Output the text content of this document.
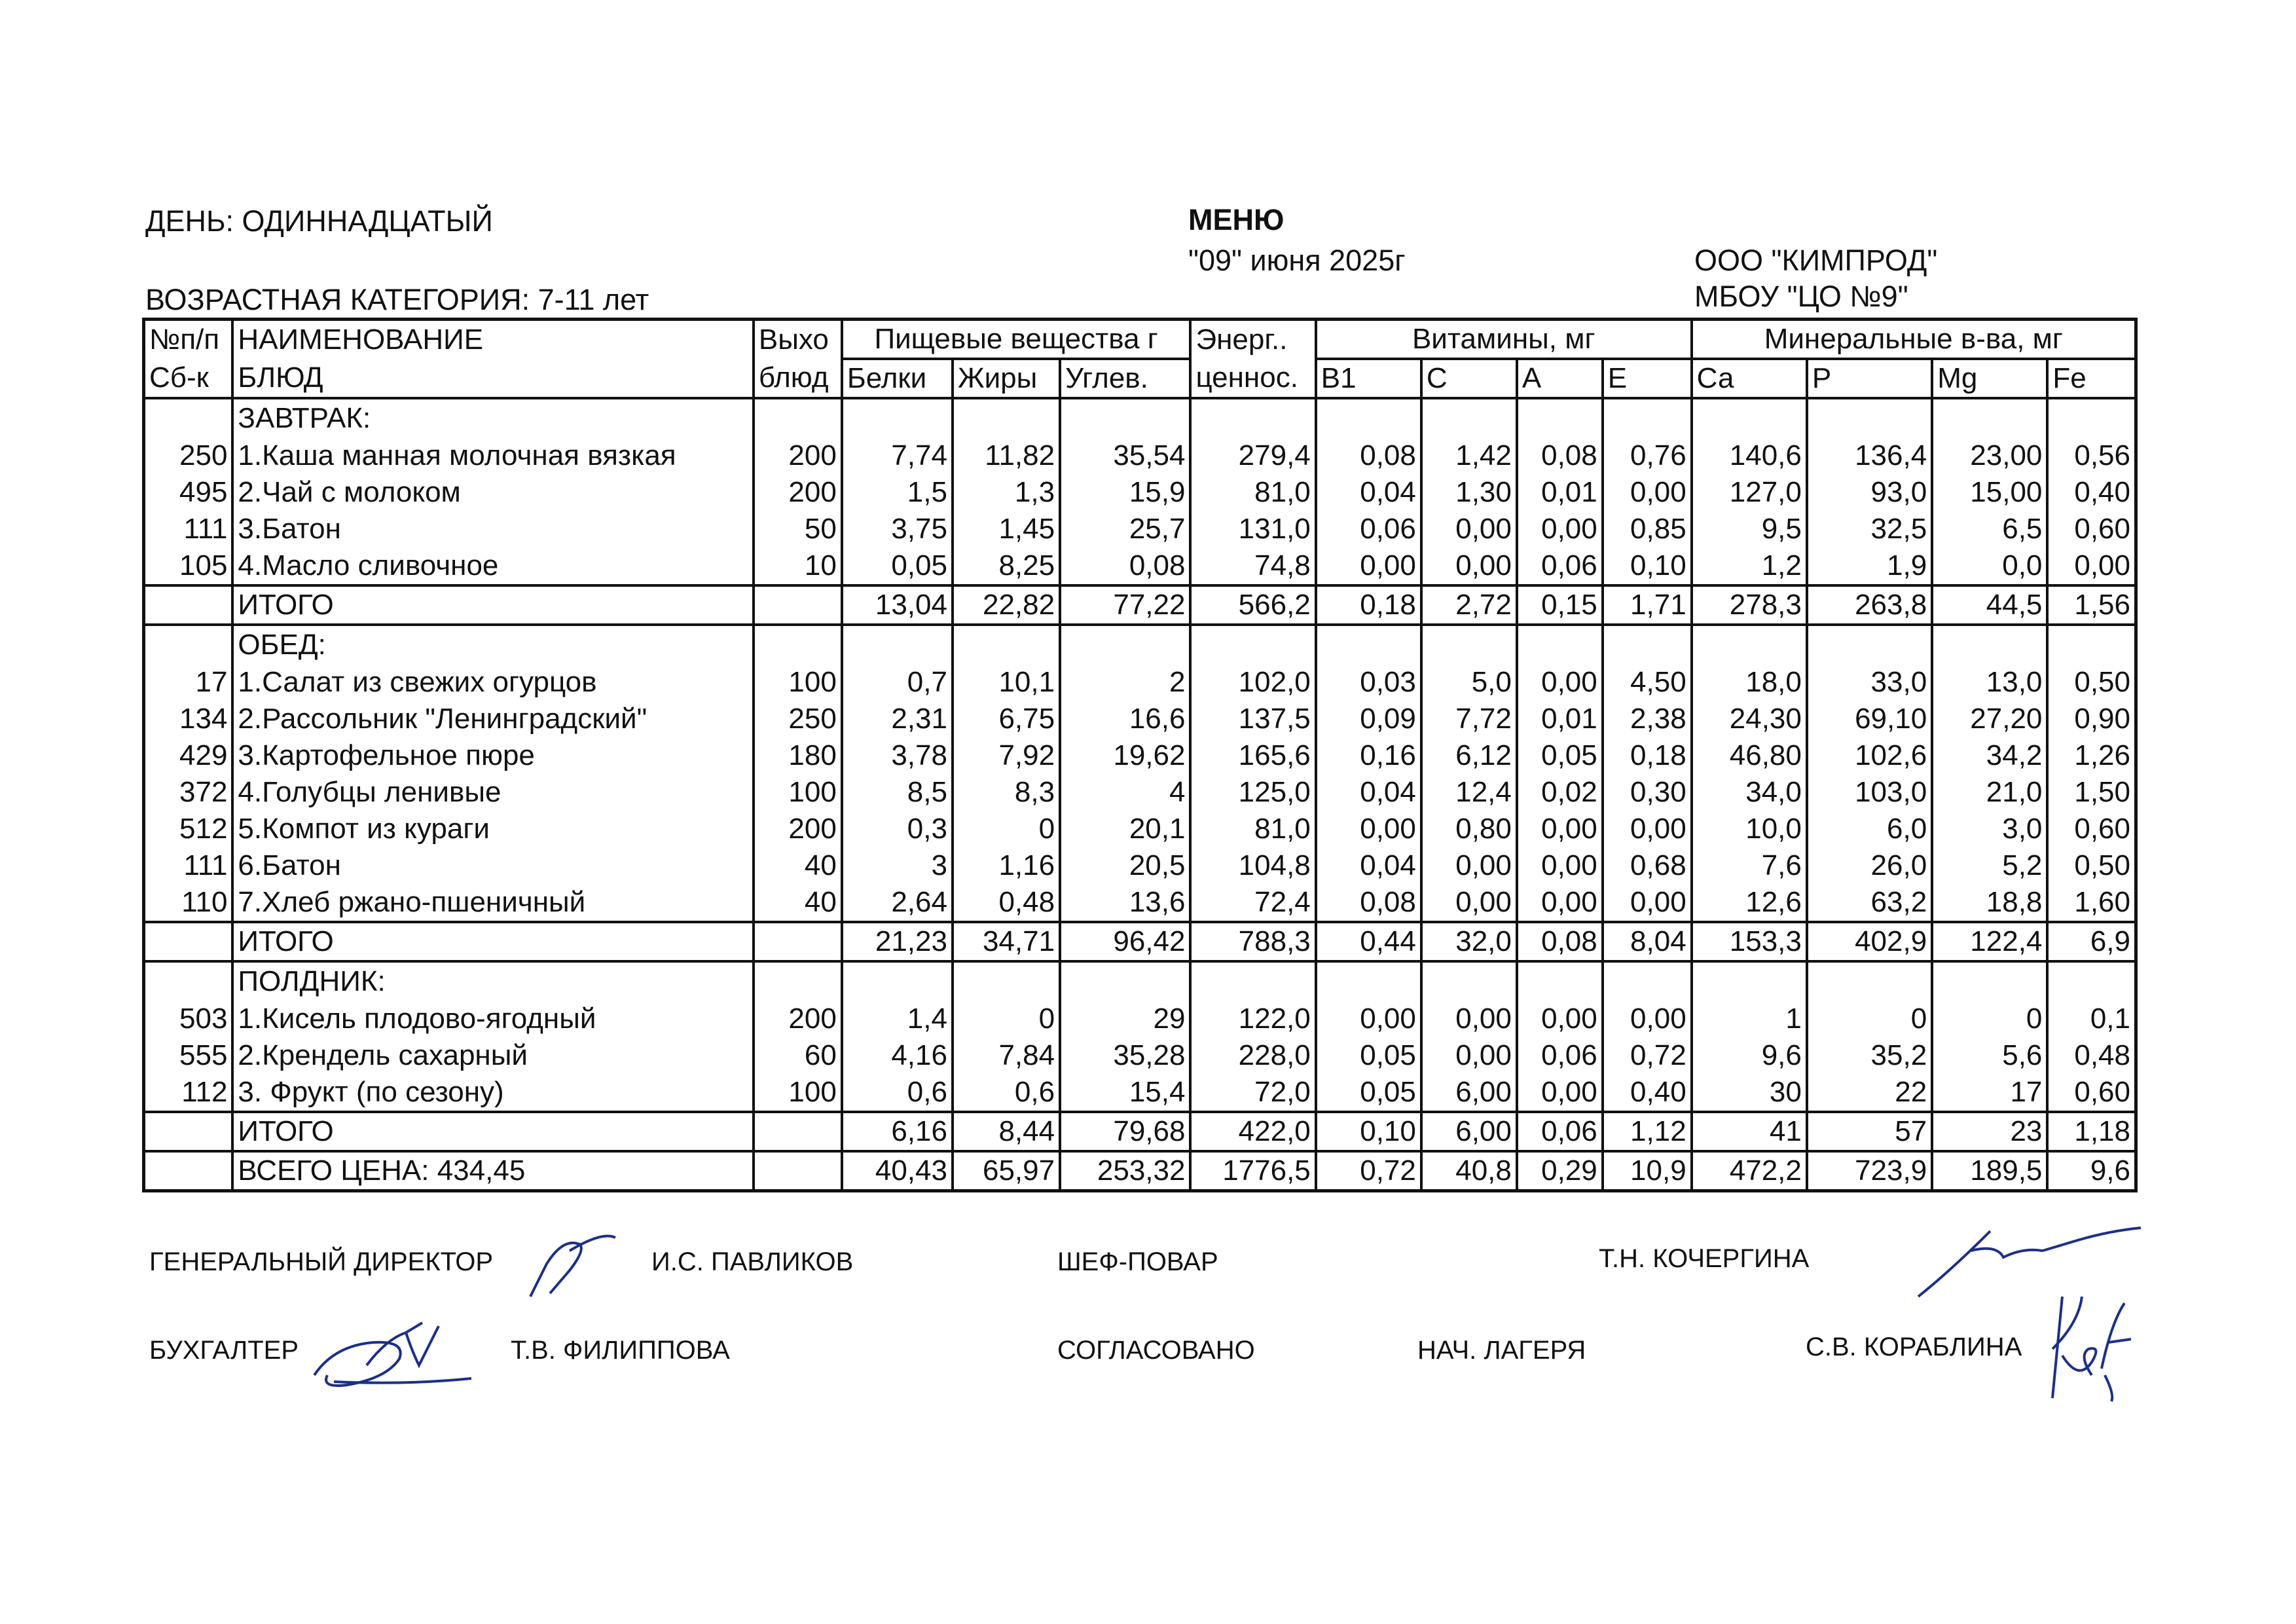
ДЕНЬ: ОДИННАДЦАТЫЙ
ВОЗРАСТНАЯ КАТЕГОРИЯ: 7-11 лет
МЕНЮ
"09" июня 2025г	ООО "КИМПРОД"
МБОУ "ЦО №9"
№п/п	НАИМЕНОВАНИЕ	Выхо	Пищевые вещества г			Энерг..	Витамины, мг				Минеральные в-ва, мг			
Сб-к	БЛЮД	блюд	Белки	Жиры	Углев.	ценнос.	В1	С	А	Е	Са	Р	Mg	Fe
	ЗАВТРАК:													
250	1.Каша манная молочная вязкая	200	7,74	11,82	35,54	279,4	0,08	1,42	0,08	0,76	140,6	136,4	23,00	0,56
495	2.Чай с молоком	200	1,5	1,3	15,9	81,0	0,04	1,30	0,01	0,00	127,0	93,0	15,00	0,40
111	3.Батон	50	3,75	1,45	25,7	131,0	0,06	0,00	0,00	0,85	9,5	32,5	6,5	0,60
105	4.Масло сливочное	10	0,05	8,25	0,08	74,8	0,00	0,00	0,06	0,10	1,2	1,9	0,0	0,00
	ИТОГО		13,04	22,82	77,22	566,2	0,18	2,72	0,15	1,71	278,3	263,8	44,5	1,56
	ОБЕД:													
17	1.Салат из свежих огурцов	100	0,7	10,1	2	102,0	0,03	5,0	0,00	4,50	18,0	33,0	13,0	0,50
134	2.Рассольник "Ленинградский"	250	2,31	6,75	16,6	137,5	0,09	7,72	0,01	2,38	24,30	69,10	27,20	0,90
429	3.Картофельное пюре	180	3,78	7,92	19,62	165,6	0,16	6,12	0,05	0,18	46,80	102,6	34,2	1,26
372	4.Голубцы ленивые	100	8,5	8,3	4	125,0	0,04	12,4	0,02	0,30	34,0	103,0	21,0	1,50
512	5.Компот из кураги	200	0,3	0	20,1	81,0	0,00	0,80	0,00	0,00	10,0	6,0	3,0	0,60
111	6.Батон	40	3	1,16	20,5	104,8	0,04	0,00	0,00	0,68	7,6	26,0	5,2	0,50
110	7.Хлеб ржано-пшеничный	40	2,64	0,48	13,6	72,4	0,08	0,00	0,00	0,00	12,6	63,2	18,8	1,60
	ИТОГО		21,23	34,71	96,42	788,3	0,44	32,0	0,08	8,04	153,3	402,9	122,4	6,9
	ПОЛДНИК:													
503	1.Кисель плодово-ягодный	200	1,4	0	29	122,0	0,00	0,00	0,00	0,00	1	0	0	0,1
555	2.Крендель сахарный	60	4,16	7,84	35,28	228,0	0,05	0,00	0,06	0,72	9,6	35,2	5,6	0,48
112	3. Фрукт (по сезону)	100	0,6	0,6	15,4	72,0	0,05	6,00	0,00	0,40	30	22	17	0,60
	ИТОГО		6,16	8,44	79,68	422,0	0,10	6,00	0,06	1,12	41	57	23	1,18
	ВСЕГО ЦЕНА: 434,45		40,43	65,97	253,32	1776,5	0,72	40,8	0,29	10,9	472,2	723,9	189,5	9,6
ГЕНЕРАЛЬНЫЙ ДИРЕКТОР	И.С. ПАВЛИКОВ	ШЕФ-ПОВАР	Т.Н. КОЧЕРГИНА
БУХГАЛТЕР	Т.В. ФИЛИППОВА	СОГЛАСОВАНО	НАЧ. ЛАГЕРЯ	С.В. КОРАБЛИНА
